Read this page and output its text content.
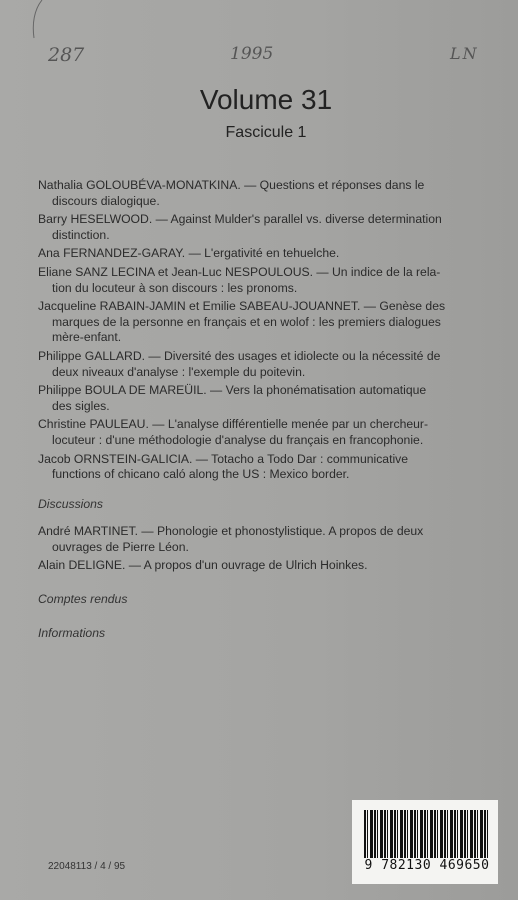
287	1995	LN
Volume 31
Fascicule 1
Nathalia GOLOUBÉVA-MONATKINA. — Questions et réponses dans le
discours dialogique.
Barry HESELWOOD. — Against Mulder's parallel vs. diverse determination
distinction.
Ana FERNANDEZ-GARAY. — L'ergativité en tehuelche.
Eliane SANZ LECINA et Jean-Luc NESPOULOUS. — Un indice de la rela-
tion du locuteur à son discours : les pronoms.
Jacqueline RABAIN-JAMIN et Emilie SABEAU-JOUANNET. — Genèse des
marques de la personne en français et en wolof : les premiers dialogues
mère-enfant.
Philippe GALLARD. — Diversité des usages et idiolecte ou la nécessité de
deux niveaux d'analyse : l'exemple du poitevin.
Philippe BOULA DE MAREÜIL. — Vers la phonématisation automatique
des sigles.
Christine PAULEAU. — L'analyse différentielle menée par un chercheur-
locuteur : d'une méthodologie d'analyse du français en francophonie.
Jacob ORNSTEIN-GALICIA. — Totacho a Todo Dar : communicative
functions of chicano caló along the US : Mexico border.
Discussions
André MARTINET. — Phonologie et phonostylistique. A propos de deux
ouvrages de Pierre Léon.
Alain DELIGNE. — A propos d'un ouvrage de Ulrich Hoinkes.
Comptes rendus
Informations
22048113 / 4 / 95	9 782130 469650
